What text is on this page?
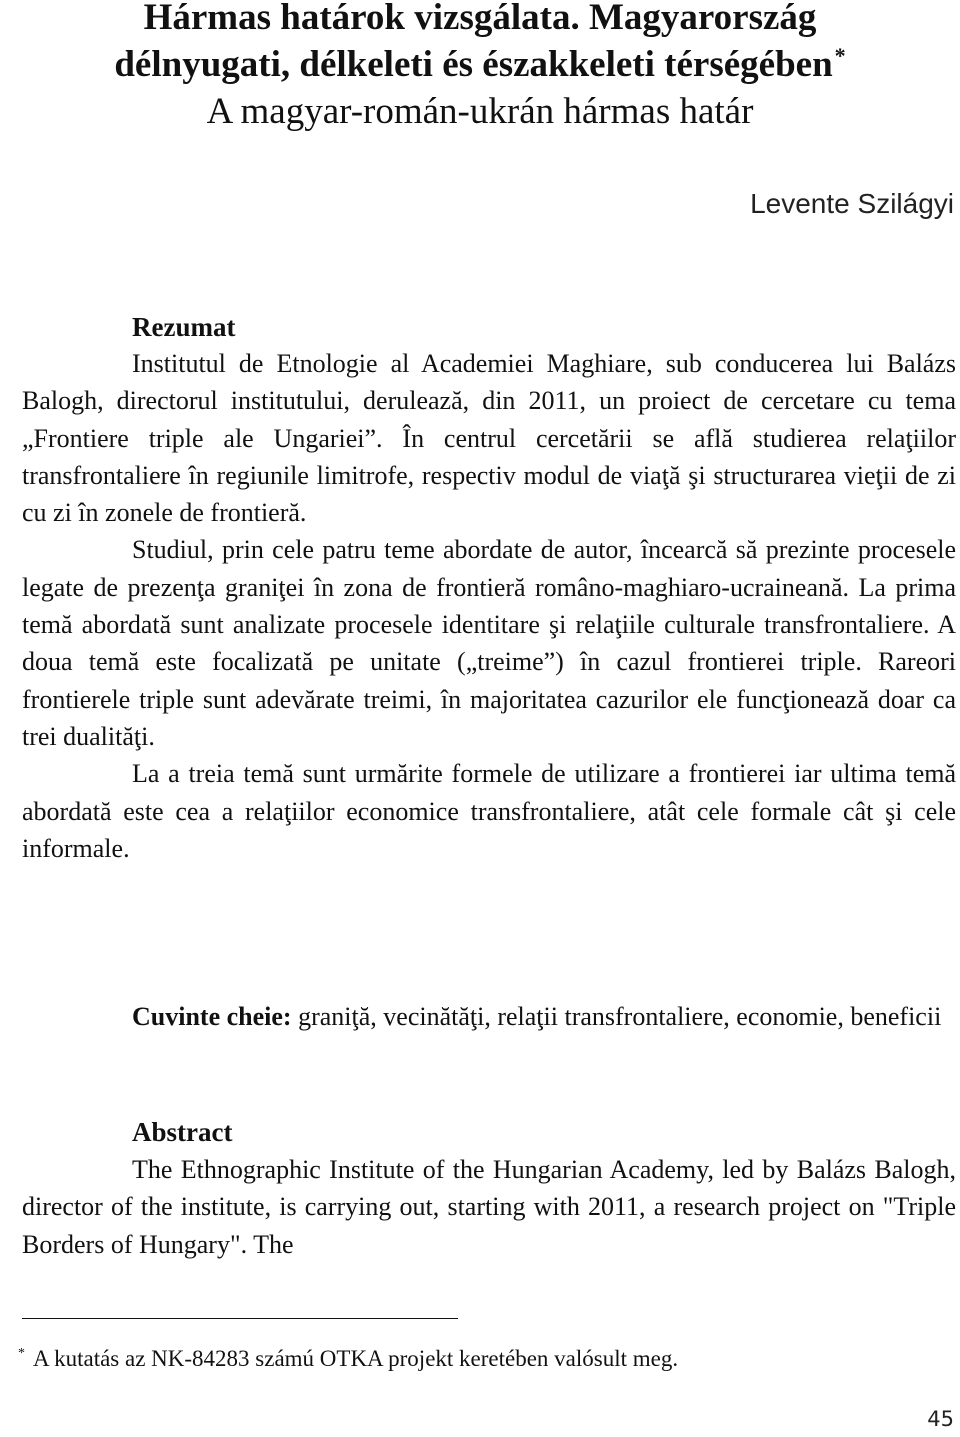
Hármas határok vizsgálata. Magyarország
délnyugati, délkeleti és északkeleti térségében*
A magyar-román-ukrán hármas határ
Levente Szilágyi
Rezumat
Institutul de Etnologie al Academiei Maghiare, sub conducerea lui Balázs Balogh, directorul institutului, derulează, din 2011, un proiect de cercetare cu tema „Frontiere triple ale Ungariei”. În centrul cercetării se află studierea relaţiilor transfrontaliere în regiunile limitrofe, respectiv modul de viaţă şi structurarea vieţii de zi cu zi în zonele de frontieră.
Studiul, prin cele patru teme abordate de autor, încearcă să prezinte procesele legate de prezenţa graniţei în zona de frontieră româno-maghiaro-ucraineană. La prima temă abordată sunt analizate procesele identitare şi relaţiile culturale transfrontaliere. A doua temă este focalizată pe unitate („treime”) în cazul frontierei triple. Rareori frontierele triple sunt adevărate treimi, în majoritatea cazurilor ele funcţionează doar ca trei dualităţi.
La a treia temă sunt urmărite formele de utilizare a frontierei iar ultima temă abordată este cea a relaţiilor economice transfrontaliere, atât cele formale cât şi cele informale.
Cuvinte cheie: graniţă, vecinătăţi, relaţii transfrontaliere, economie, beneficii
Abstract
The Ethnographic Institute of the Hungarian Academy, led by Balázs Balogh, director of the institute, is carrying out, starting with 2011, a research project on "Triple Borders of Hungary". The
* A kutatás az NK-84283 számú OTKA projekt keretében valósult meg.
45
